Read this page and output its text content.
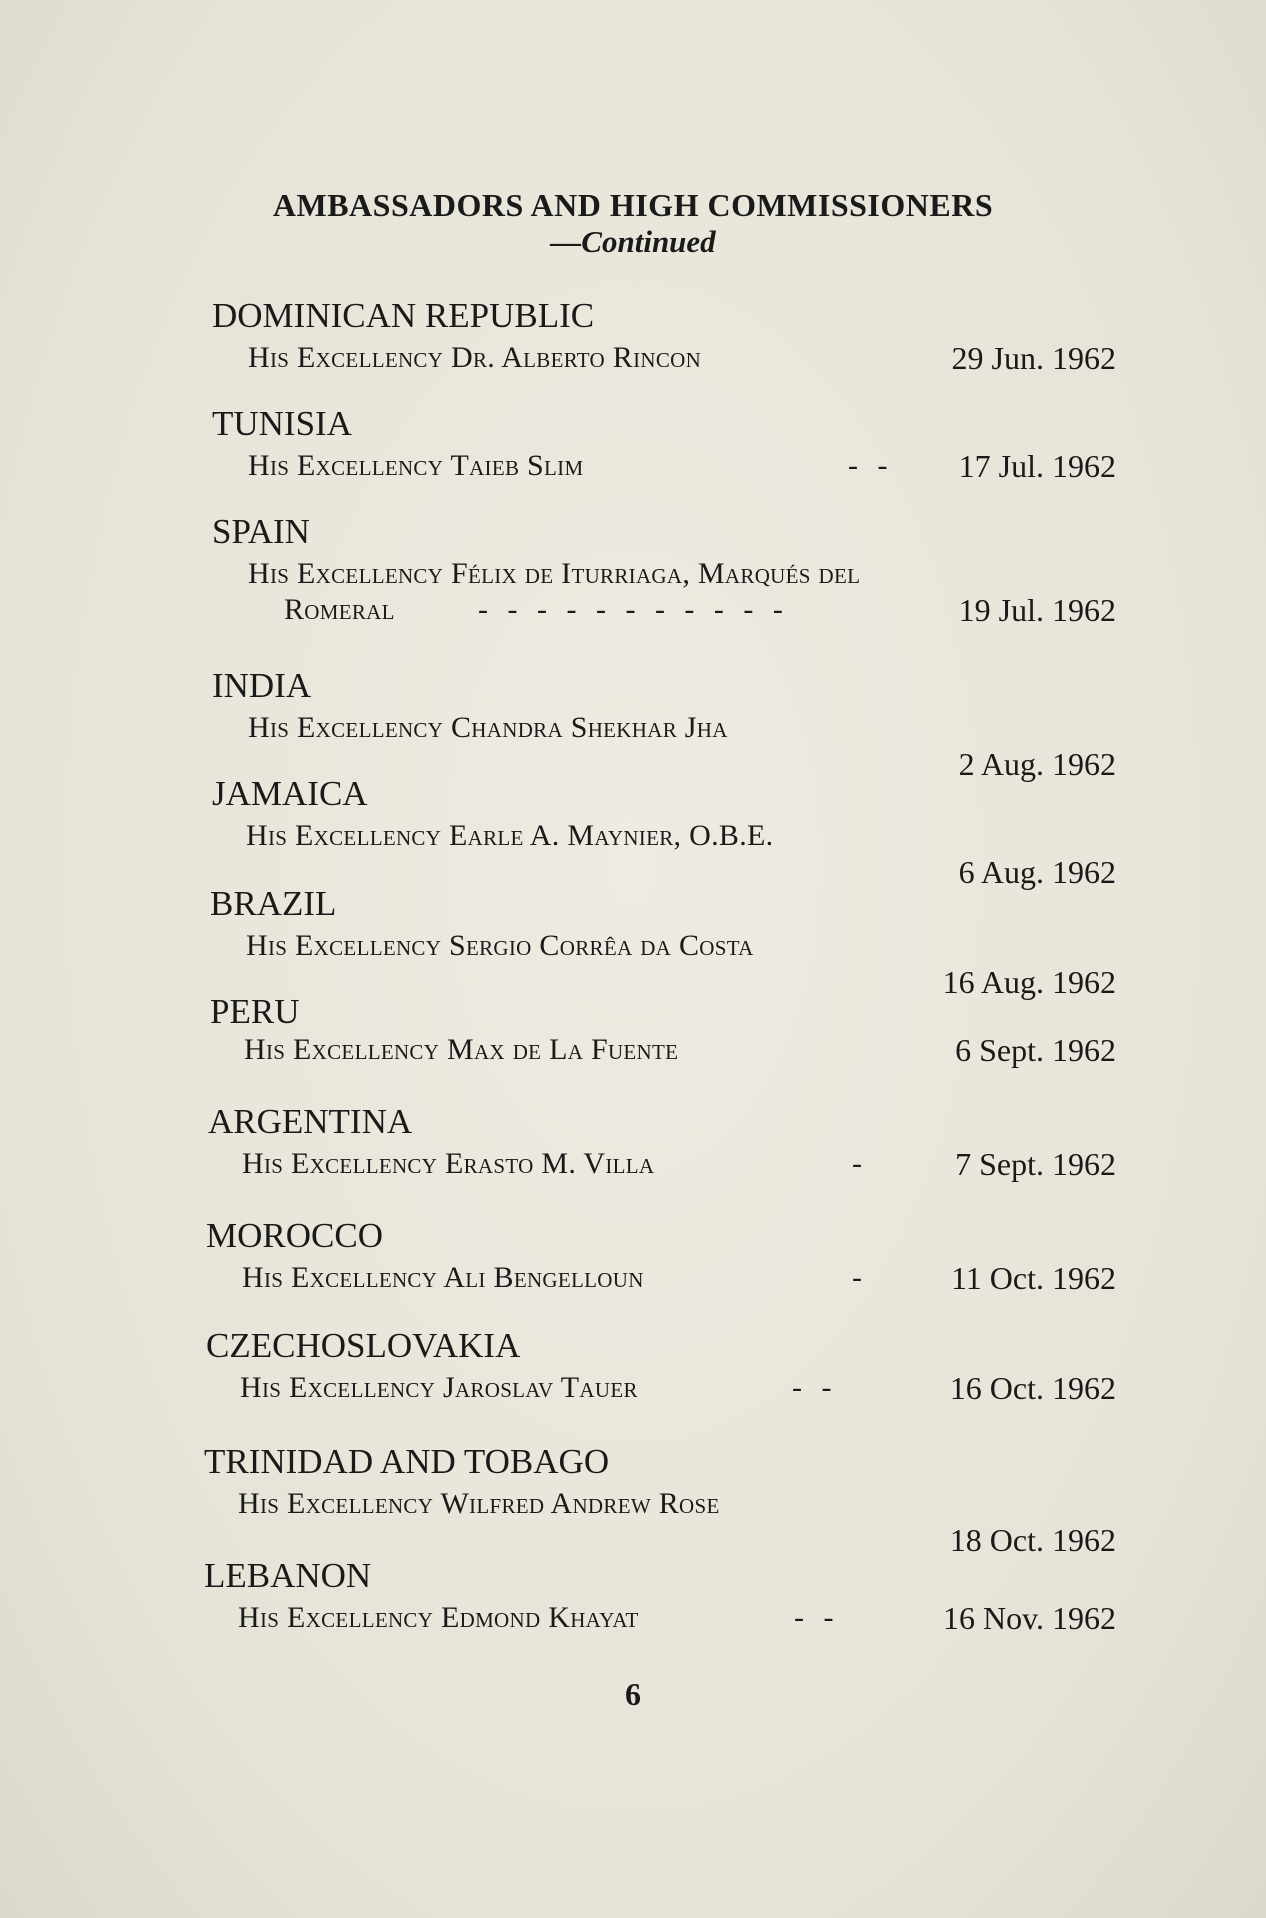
AMBASSADORS AND HIGH COMMISSIONERS
—Continued
DOMINICAN REPUBLIC
His Excellency Dr. Alberto Rincon	29 Jun. 1962
TUNISIA
His Excellency Taieb Slim	- - 17 Jul. 1962
SPAIN
His Excellency Félix de Iturriaga, Marqués del
Romeral	- - - - - - - - - - -	19 Jul. 1962
INDIA
His Excellency Chandra Shekhar Jha
2 Aug. 1962
JAMAICA
His Excellency Earle A. Maynier, O.B.E.
6 Aug. 1962
BRAZIL
His Excellency Sergio Corrêa da Costa
16 Aug. 1962
PERU
His Excellency Max de La Fuente	6 Sept. 1962
ARGENTINA
His Excellency Erasto M. Villa	-	7 Sept. 1962
MOROCCO
His Excellency Ali Bengelloun	-	11 Oct. 1962
CZECHOSLOVAKIA
His Excellency Jaroslav Tauer	- -	16 Oct. 1962
TRINIDAD AND TOBAGO
His Excellency Wilfred Andrew Rose
18 Oct. 1962
LEBANON
His Excellency Edmond Khayat	- -	16 Nov. 1962
6
